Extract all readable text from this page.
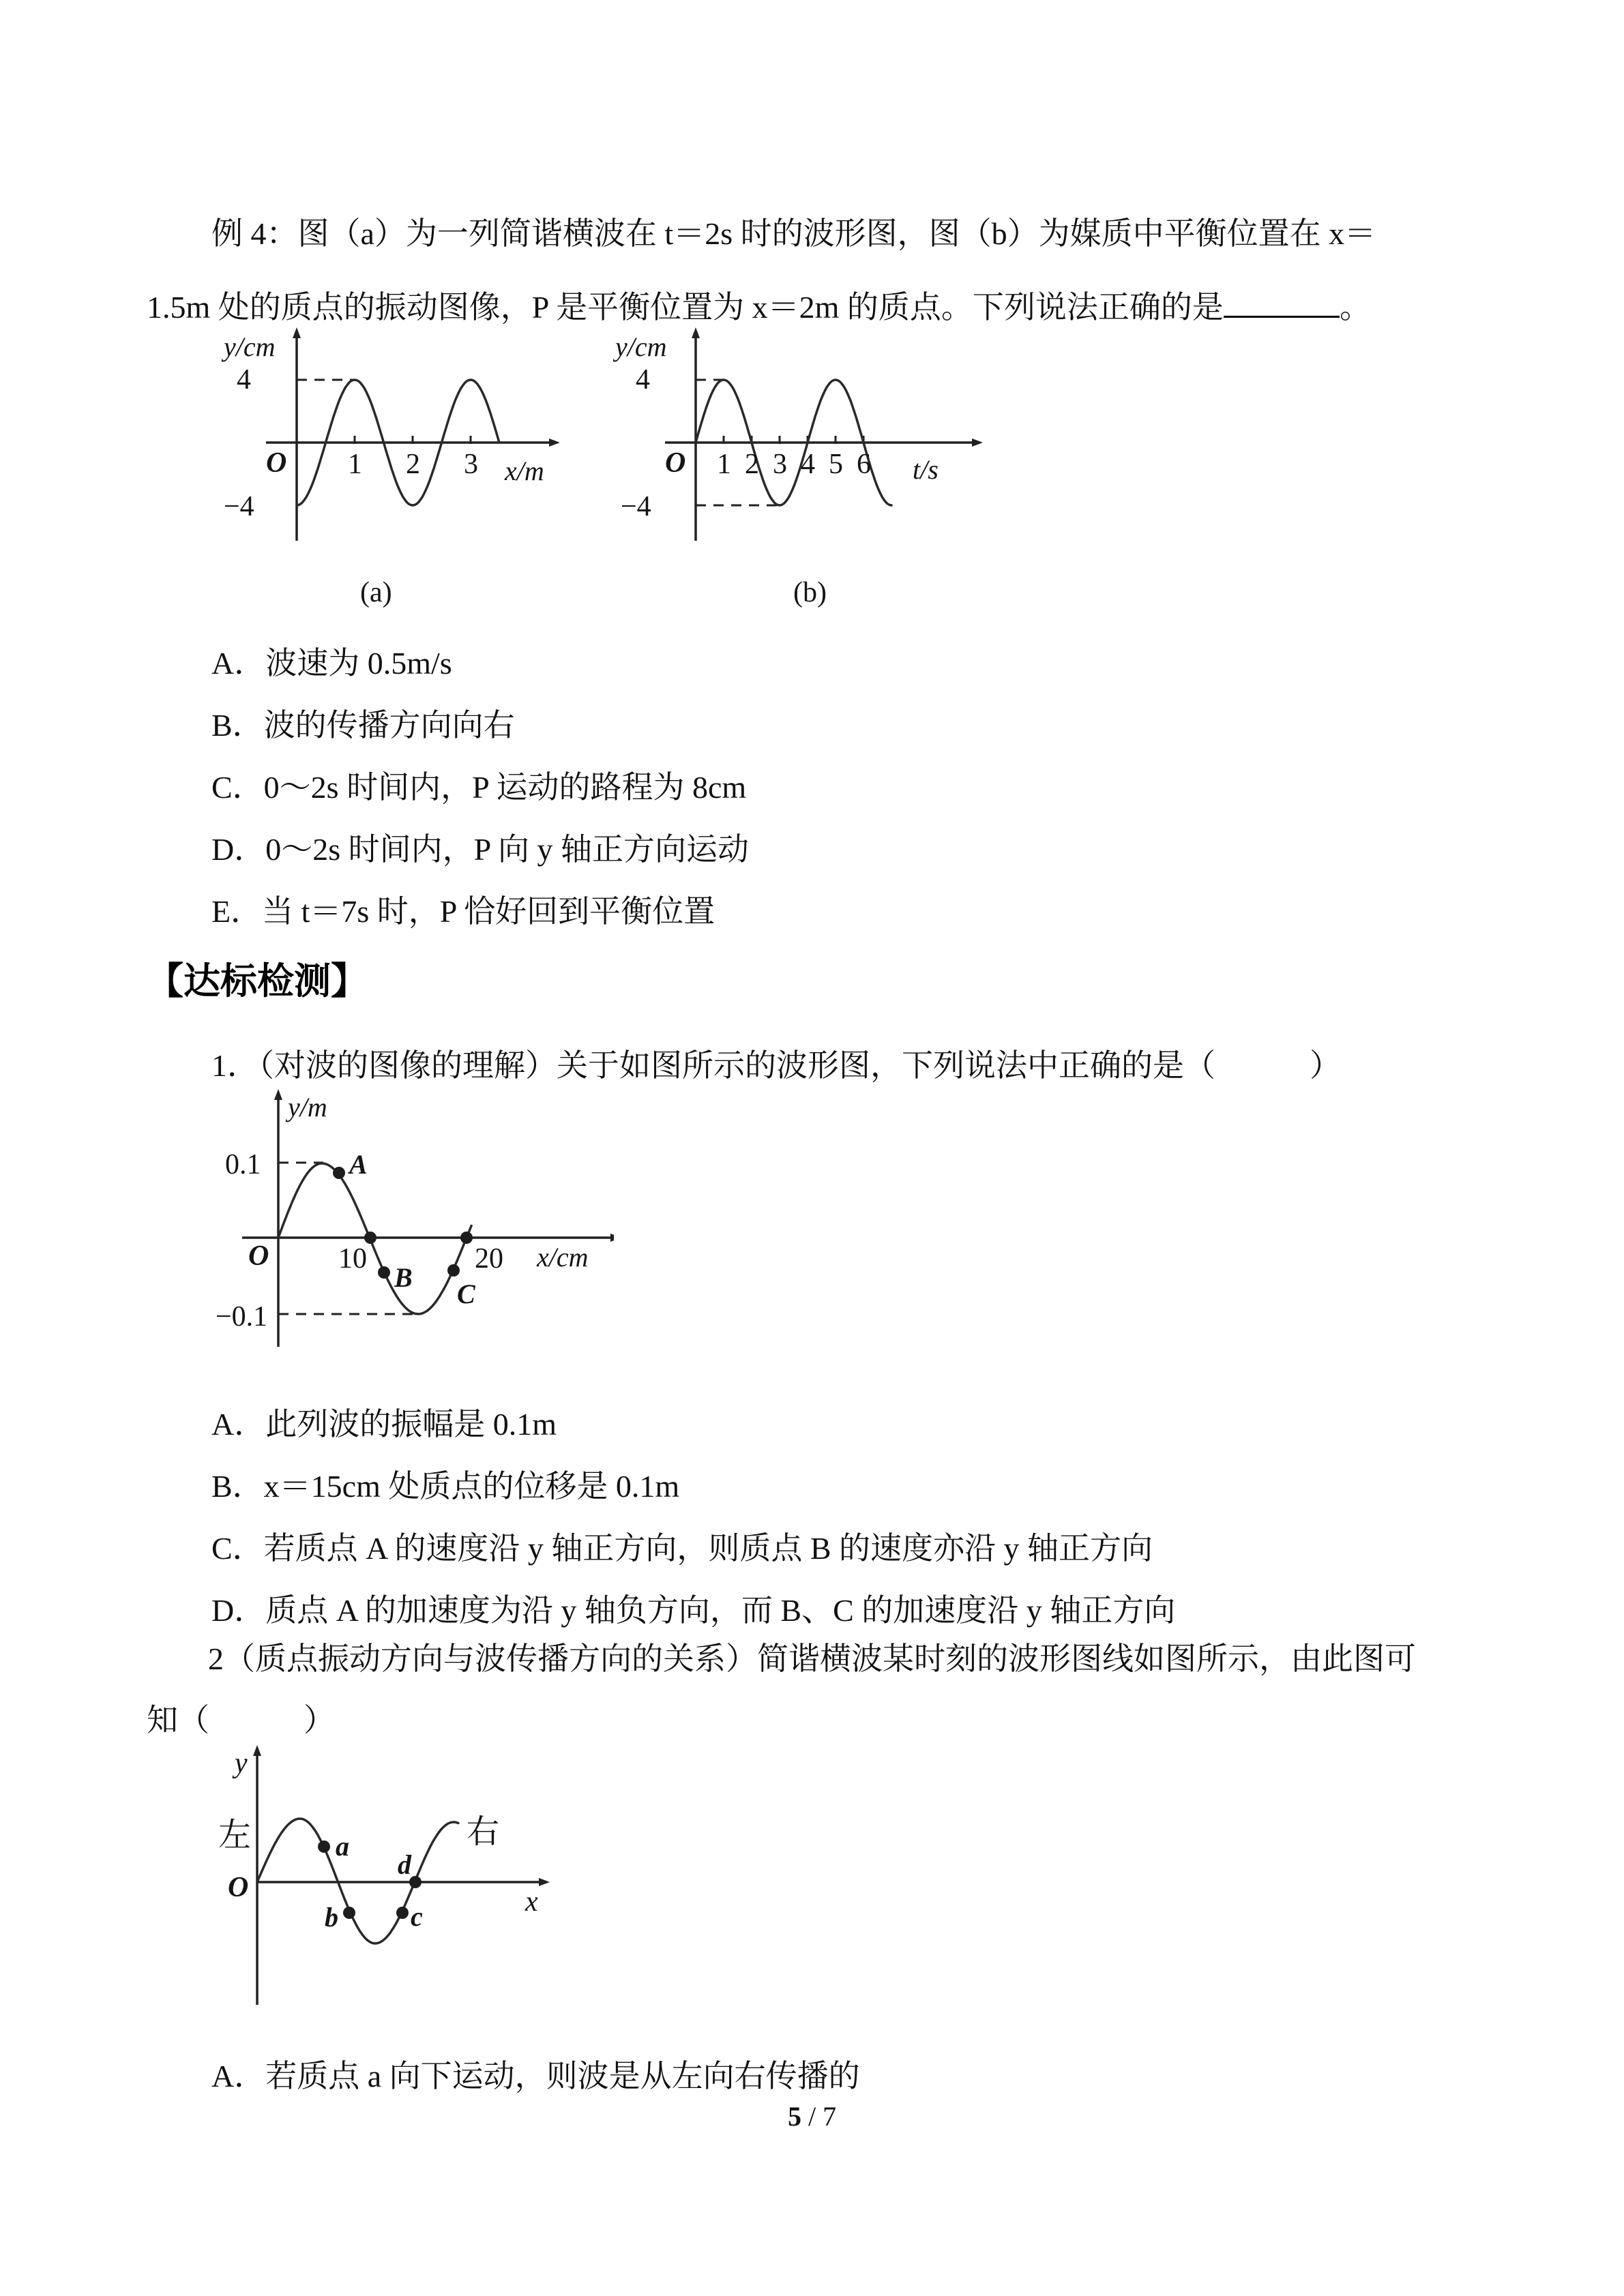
例 4：图（a）为一列简谐横波在 t＝2s 时的波形图，图（b）为媒质中平衡位置在 x＝
1.5m 处的质点的振动图像，P 是平衡位置为 x＝2m 的质点。下列说法正确的是	。
y/cm
4
O 1 2 3 x/m
−4
(a)
y/cm
4
O 1 2 3 4 5 6 t/s
−4
(b)
A．波速为 0.5m/s
B．波的传播方向向右
C．0～2s 时间内，P 运动的路程为 8cm
D．0～2s 时间内，P 向 y 轴正方向运动
E．当 t＝7s 时，P 恰好回到平衡位置
【达标检测】
1．（对波的图像的理解）关于如图所示的波形图，下列说法中正确的是（　　　）
y/m
0.1
O 10
A
B
20
C
x/cm
−0.1
A．此列波的振幅是 0.1m
B．x＝15cm 处质点的位移是 0.1m
C．若质点 A 的速度沿 y 轴正方向，则质点 B 的速度亦沿 y 轴正方向
D．质点 A 的加速度为沿 y 轴负方向，而 B、C 的加速度沿 y 轴正方向
2（质点振动方向与波传播方向的关系）简谐横波某时刻的波形图线如图所示，由此图可
知（　　　）
y
左
O
a
b	c
d
右
x
A．若质点 a 向下运动，则波是从左向右传播的
5 / 7
